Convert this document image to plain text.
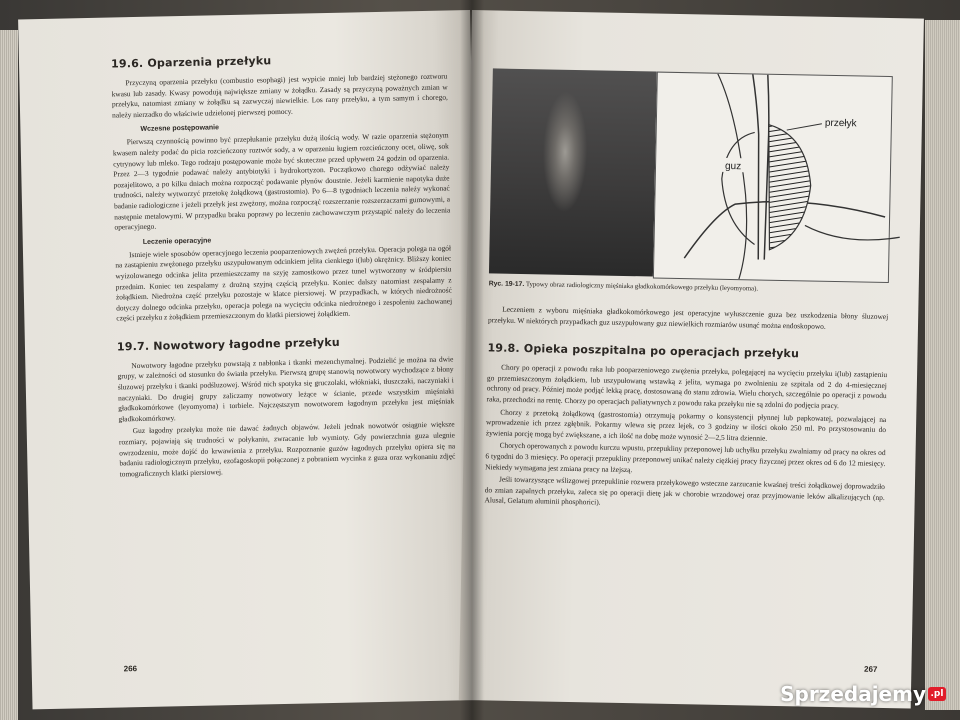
19.6. Oparzenia przełyku

Przyczyną oparzenia przełyku (combustio esophagi) jest wypicie mniej lub bardziej stężonego roztworu kwasu lub zasady. Kwasy powodują największe zmiany w żołądku. Zasady są przyczyną poważnych zmian w przełyku, natomiast zmiany w żołądku są zazwyczaj niewielkie. Los rany przełyku, a tym samym i chorego, należy nierzadko do właściwie udzielonej pierwszej pomocy.

Wczesne postępowanie

Pierwszą czynnością powinno być przepłukanie przełyku dużą ilością wody. W razie oparzenia stężonym kwasem należy podać do picia rozcieńczony roztwór sody, a w oparzeniu ługiem rozcieńczony ocet, oliwę, sok cytrynowy lub mleko. Tego rodzaju postępowanie może być skuteczne przed upływem 24 godzin od oparzenia. Przez 2—3 tygodnie podawać należy antybiotyki i hydrokortyzon. Początkowo chorego odżywiać należy pozajelitowo, a po kilku dniach można rozpocząć podawanie płynów doustnie. Jeżeli karmienie napotyka duże trudności, należy wytworzyć przetokę żołądkową (gastrostomia). Po 6—8 tygodniach leczenia należy wykonać badanie radiologiczne i jeżeli przełyk jest zwężony, można rozpocząć rozszerzanie rozszerzaczami gumowymi, a następnie metalowymi. W przypadku braku poprawy po leczeniu zachowawczym przystąpić należy do leczenia operacyjnego.

Leczenie operacyjne

Istnieje wiele sposobów operacyjnego leczenia pooparzeniowych zwężeń przełyku. Operacja polega na ogół na zastąpieniu zwężonego przełyku uszypułowanym odcinkiem jelita cienkiego i(lub) okrężnicy. Bliższy koniec wyizolowanego odcinka jelita przemieszczamy na szyję zamostkowo przez tunel wytworzony w śródpiersiu przednim. Koniec ten zespalamy z drożną szyjną częścią przełyku. Koniec dalszy natomiast zespalamy z żołądkiem. Niedrożna część przełyku pozostaje w klatce piersiowej. W przypadkach, w których niedrożność dotyczy dolnego odcinka przełyku, operacja polega na wycięciu odcinka niedrożnego i zespoleniu zachowanej części przełyku z żołądkiem przemieszczonym do klatki piersiowej żołądkiem.

19.7. Nowotwory łagodne przełyku

Nowotwory łagodne przełyku powstają z nabłonka i tkanki mezenchymalnej. Podzielić je można na dwie grupy, w zależności od stosunku do światła przełyku. Pierwszą grupę stanowią nowotwory wychodzące z błony śluzowej przełyku i tkanki podśluzowej. Wśród nich spotyka się gruczolaki, włókniaki, tłuszczaki, naczyniaki i naczyniaki. Do drugiej grupy zaliczamy nowotwory leżące w ścianie, przede wszystkim mięśniaki gładkokomórkowe (leyomyoma) i torbiele. Najczęstszym nowotworem łagodnym przełyku jest mięśniak gładkokomórkowy.

Guz łagodny przełyku może nie dawać żadnych objawów. Jeżeli jednak nowotwór osiągnie większe rozmiary, pojawiają się trudności w połykaniu, zwracanie lub wymioty. Gdy powierzchnia guza ulegnie owrzodzeniu, może dojść do krwawienia z przełyku. Rozpoznanie guzów łagodnych przełyku opiera się na badaniu radiologicznym przełyku, ezofagoskopii połączonej z pobraniem wycinka z guza oraz wykonaniu zdjęć tomograficznych klatki piersiowej.

266
przełyk
guz
Ryc. 19-17. Typowy obraz radiologiczny mięśniaka gładkokomórkowego przełyku (leyomyoma).

Leczeniem z wyboru mięśniaka gładkokomórkowego jest operacyjne wyłuszczenie guza bez uszkodzenia błony śluzowej przełyku. W niektórych przypadkach guz uszypułowany guz niewielkich rozmiarów usunąć można endoskopowo.

19.8. Opieka poszpitalna po operacjach przełyku

Chory po operacji z powodu raka lub pooparzeniowego zwężenia przełyku, polegającej na wycięciu przełyku i(lub) zastąpieniu go przemieszczonym żołądkiem, lub uszypułowaną wstawką z jelita, wymaga po zwolnieniu ze szpitala od 2 do 4-miesięcznej ochrony od pracy. Później może podjąć lekką pracę, dostosowaną do stanu zdrowia. Wielu chorych, szczególnie po operacji z powodu raka, przechodzi na rentę. Chorzy po operacjach paliatywnych z powodu raka przełyku nie są zdolni do podjęcia pracy.

Chorzy z przetoką żołądkową (gastrostomia) otrzymują pokarmy o konsystencji płynnej lub papkowatej, pozwalającej na wprowadzenie ich przez zgłębnik. Pokarmy wlewa się przez lejek, co 3 godziny w ilości około 250 ml. Po przystosowaniu do żywienia porcję mogą być zwiększane, a ich ilość na dobę może wynosić 2—2,5 litra dziennie.

Chorych operowanych z powodu kurczu wpustu, przepukliny przeponowej lub uchyłku przełyku zwalniamy od pracy na okres od 6 tygodni do 3 miesięcy. Po operacji przepukliny przeponowej unikać należy ciężkiej pracy fizycznej przez okres od 6 do 12 miesięcy. Niekiedy wymagana jest zmiana pracy na lżejszą.

Jeśli towarzyszące wślizgowej przepuklinie rozwera przełykowego wsteczne zarzucanie kwaśnej treści żołądkowej doprowadziło do zmian zapalnych przełyku, zaleca się po operacji dietę jak w chorobie wrzodowej oraz przyjmowanie leków alkalizujących (np. Alusal, Gelatum aluminii phosphorici).

267
Sprzedajemy .pl
